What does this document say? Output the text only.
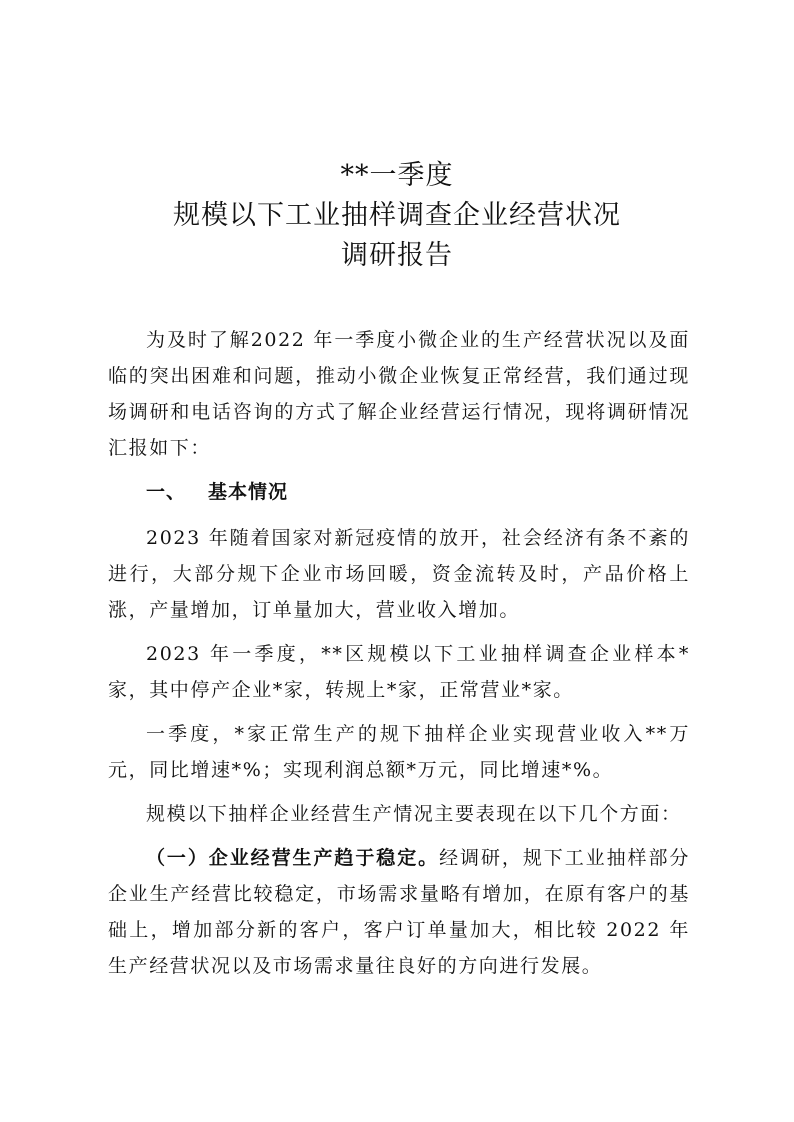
**一季度
规模以下工业抽样调查企业经营状况
调研报告

为及时了解2022 年一季度小微企业的生产经营状况以及面临的突出困难和问题，推动小微企业恢复正常经营，我们通过现场调研和电话咨询的方式了解企业经营运行情况，现将调研情况汇报如下：

一、 基本情况

2023 年随着国家对新冠疫情的放开，社会经济有条不紊的进行，大部分规下企业市场回暖，资金流转及时，产品价格上涨，产量增加，订单量加大，营业收入增加。

2023 年一季度，**区规模以下工业抽样调查企业样本*家，其中停产企业*家，转规上*家，正常营业*家。

一季度，*家正常生产的规下抽样企业实现营业收入**万元，同比增速*%；实现利润总额*万元，同比增速*%。

规模以下抽样企业经营生产情况主要表现在以下几个方面：

（一）企业经营生产趋于稳定。经调研，规下工业抽样部分企业生产经营比较稳定，市场需求量略有增加，在原有客户的基础上，增加部分新的客户，客户订单量加大，相比较 2022 年生产经营状况以及市场需求量往良好的方向进行发展。
